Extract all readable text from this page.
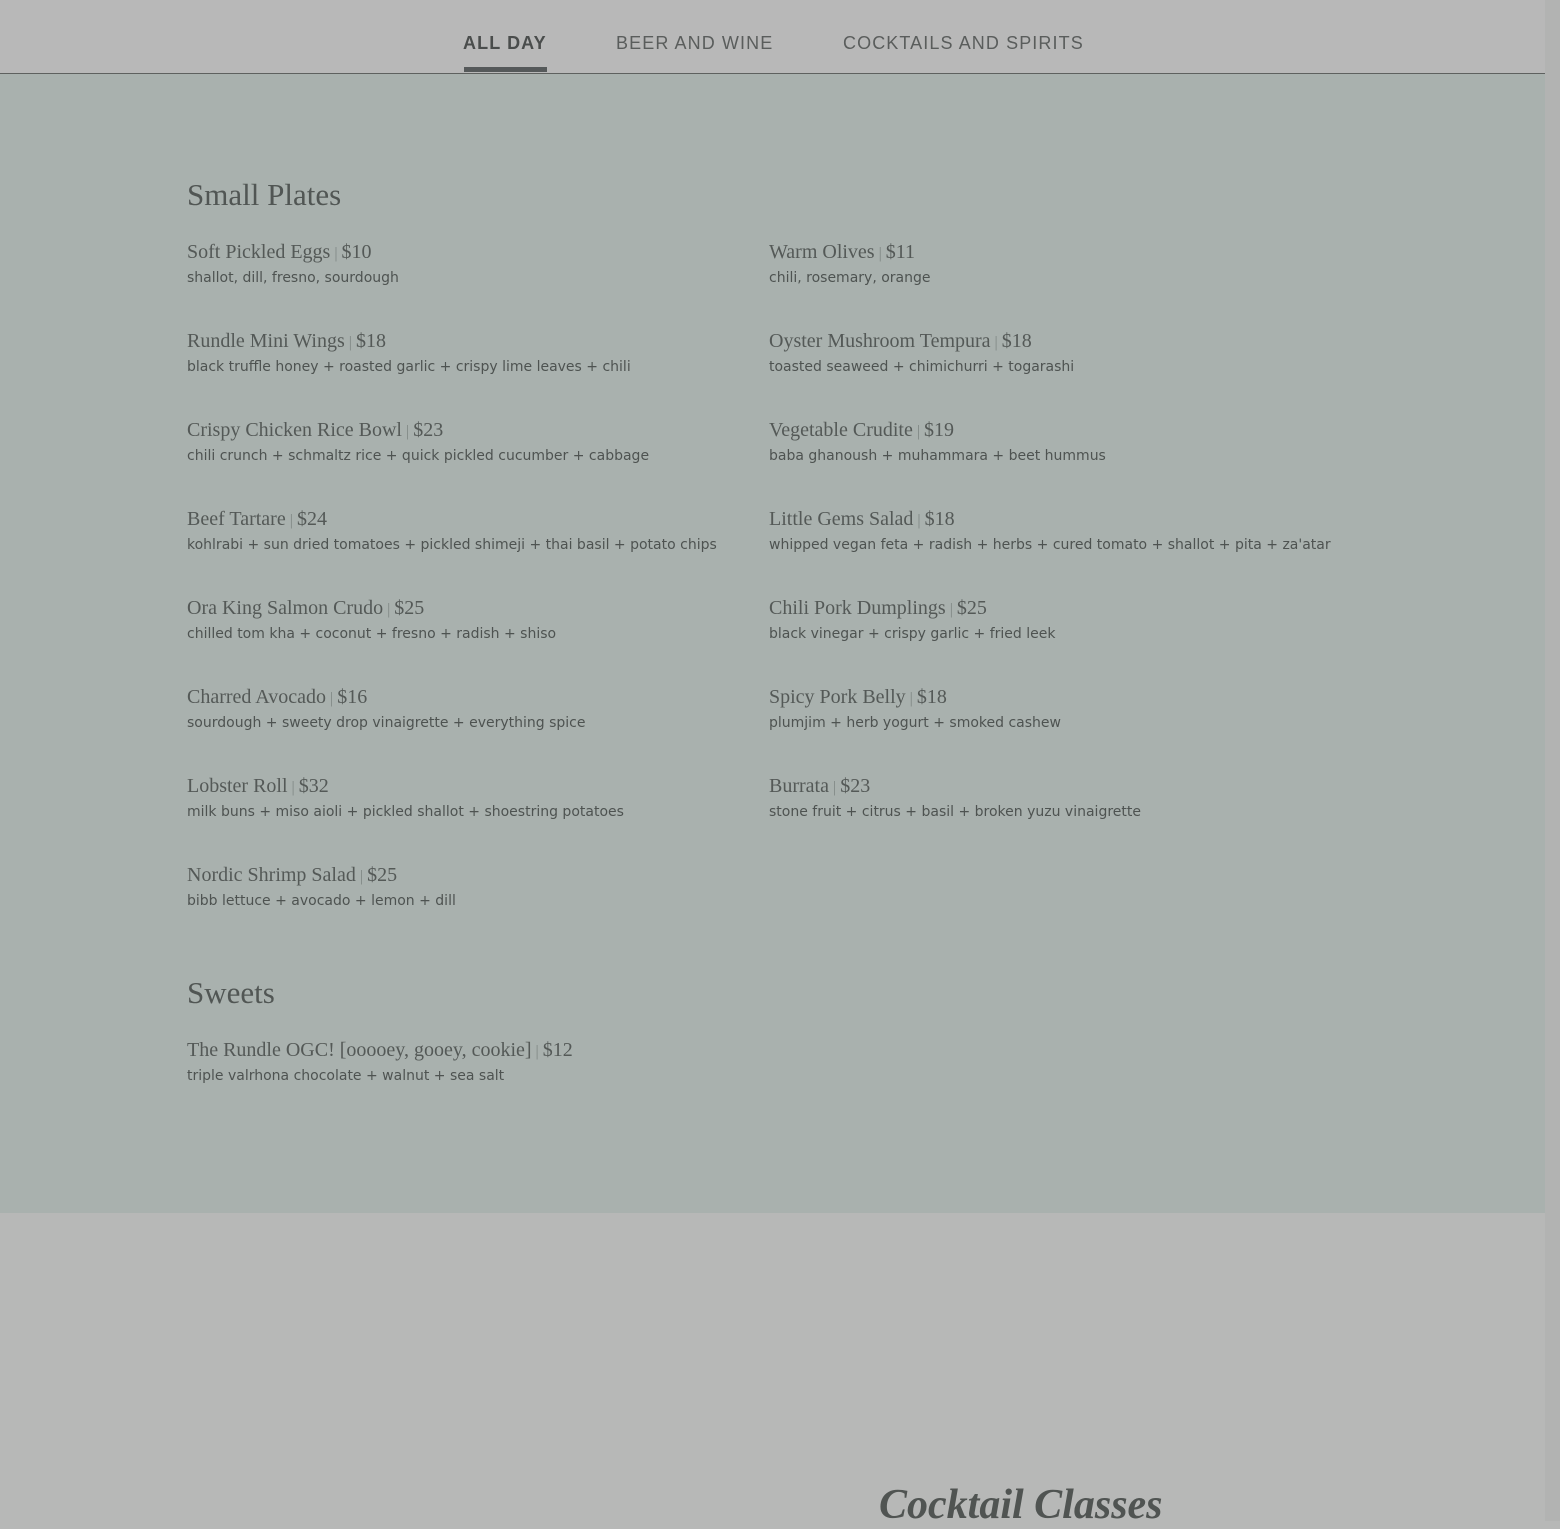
ALL DAY	BEER AND WINE	COCKTAILS AND SPIRITS
Small Plates
Soft Pickled Eggs | $10
shallot, dill, fresno, sourdough
Warm Olives | $11
chili, rosemary, orange
Rundle Mini Wings | $18
black truffle honey + roasted garlic + crispy lime leaves + chili
Oyster Mushroom Tempura | $18
toasted seaweed + chimichurri + togarashi
Crispy Chicken Rice Bowl | $23
chili crunch + schmaltz rice + quick pickled cucumber + cabbage
Vegetable Crudite | $19
baba ghanoush + muhammara + beet hummus
Beef Tartare | $24
kohlrabi + sun dried tomatoes + pickled shimeji + thai basil + potato chips
Little Gems Salad | $18
whipped vegan feta + radish + herbs + cured tomato + shallot + pita + za'atar
Ora King Salmon Crudo | $25
chilled tom kha + coconut + fresno + radish + shiso
Chili Pork Dumplings | $25
black vinegar + crispy garlic + fried leek
Charred Avocado | $16
sourdough + sweety drop vinaigrette + everything spice
Spicy Pork Belly | $18
plumjim + herb yogurt + smoked cashew
Lobster Roll | $32
milk buns + miso aioli + pickled shallot + shoestring potatoes
Burrata | $23
stone fruit + citrus + basil + broken yuzu vinaigrette
Nordic Shrimp Salad | $25
bibb lettuce + avocado + lemon + dill
Sweets
The Rundle OGC! [ooooey, gooey, cookie] | $12
triple valrhona chocolate + walnut + sea salt
Cocktail Classes
